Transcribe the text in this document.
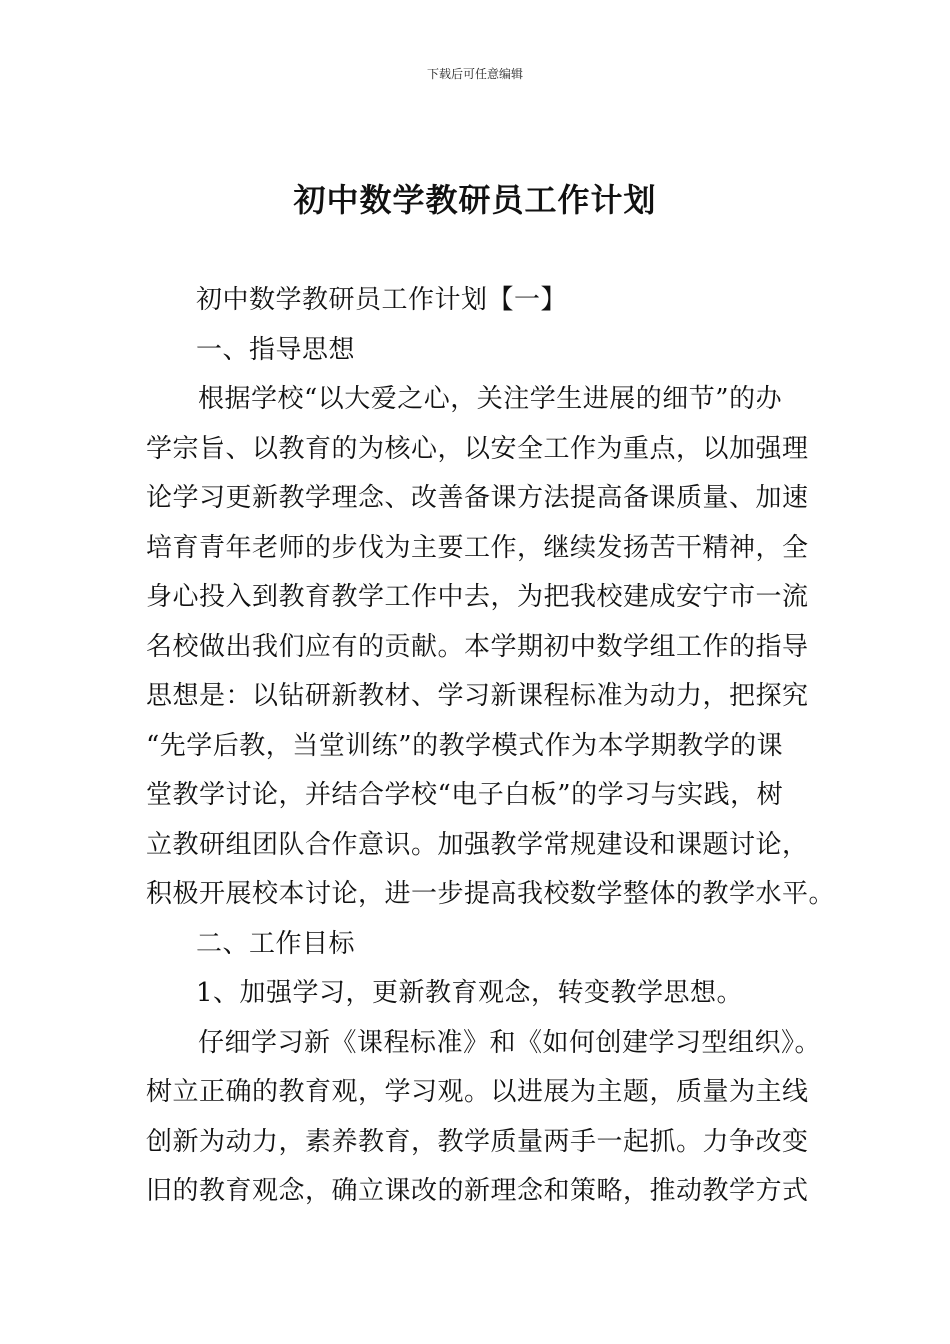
下载后可任意编辑
初中数学教研员工作计划
初中数学教研员工作计划【一】
一、指导思想
根据学校“以大爱之心，关注学生进展的细节”的办
学宗旨、以教育的为核心，以安全工作为重点，以加强理
论学习更新教学理念、改善备课方法提高备课质量、加速
培育青年老师的步伐为主要工作，继续发扬苦干精神，全
身心投入到教育教学工作中去，为把我校建成安宁市一流
名校做出我们应有的贡献。本学期初中数学组工作的指导
思想是：以钻研新教材、学习新课程标准为动力，把探究
“先学后教，当堂训练”的教学模式作为本学期教学的课
堂教学讨论，并结合学校“电子白板”的学习与实践，树
立教研组团队合作意识。加强教学常规建设和课题讨论，
积极开展校本讨论，进一步提高我校数学整体的教学水平。
二、工作目标
1、加强学习，更新教育观念，转变教学思想。
仔细学习新《课程标准》和《如何创建学习型组织》。
树立正确的教育观，学习观。以进展为主题，质量为主线
创新为动力，素养教育，教学质量两手一起抓。力争改变
旧的教育观念，确立课改的新理念和策略，推动教学方式
